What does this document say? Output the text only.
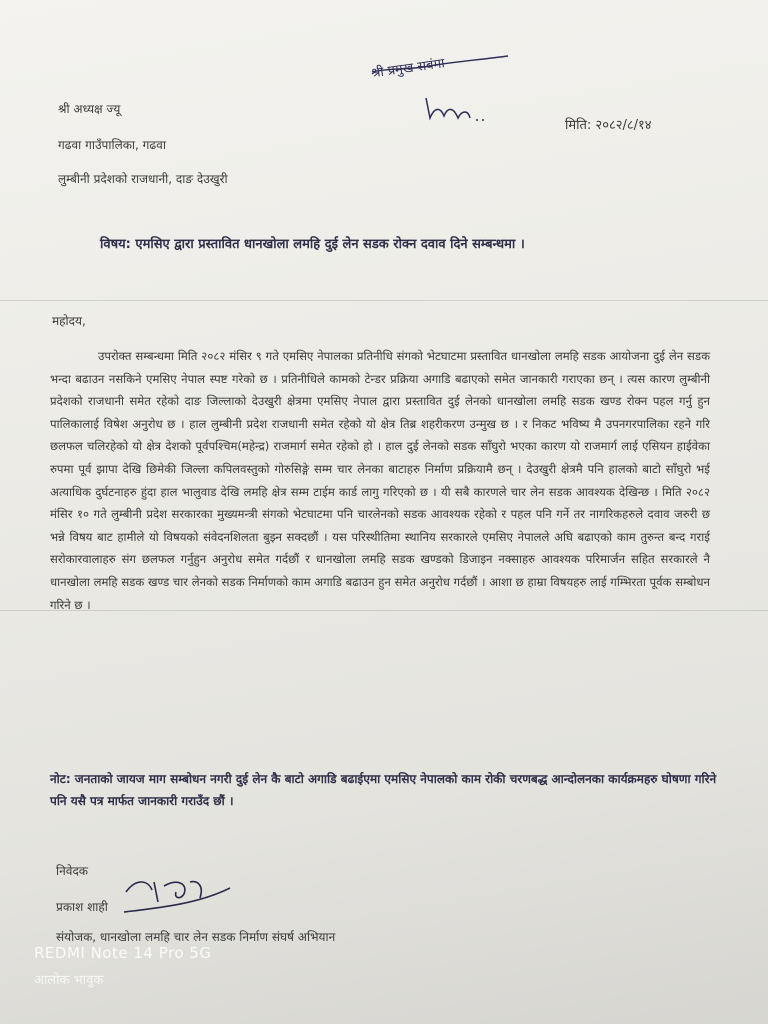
श्री प्रमुख सबंमा
श्री अध्यक्ष ज्यू
गढवा गाउँपालिका, गढवा
लुम्बीनी प्रदेशको राजधानी, दाङ देउखुरी
मिति: २०८२/८/१४
विषय: एमसिए द्वारा प्रस्तावित धानखोला लमहि दुई लेन सडक रोक्न दवाव दिने सम्बन्धमा ।
महोदय,
उपरोक्त सम्बन्धमा मिति २०८२ मंसिर ९ गते एमसिए नेपालका प्रतिनीधि संगको भेटघाटमा प्रस्तावित धानखोला लमहि सडक आयोजना दुई लेन सडक भन्दा बढाउन नसकिने एमसिए नेपाल स्पष्ट गरेको छ । प्रतिनीधिले कामको टेन्डर प्रक्रिया अगाडि बढाएको समेत जानकारी गराएका छन् । त्यस कारण लुम्बीनी प्रदेशको राजधानी समेत रहेको दाङ जिल्लाको देउखुरी क्षेत्रमा एमसिए नेपाल द्वारा प्रस्तावित दुई लेनको धानखोला लमहि सडक खण्ड रोक्न पहल गर्नु हुन पालिकालाई विषेश अनुरोध छ । हाल लुम्बीनी प्रदेश राजधानी समेत रहेको यो क्षेत्र तिब्र शहरीकरण उन्मुख छ । र निकट भविष्य मै उपनगरपालिका रहने गरि छलफल चलिरहेको यो क्षेत्र देशको पूर्वपश्चिम(महेन्द्र) राजमार्ग समेत रहेको हो । हाल दुई लेनको सडक साँघुरो भएका कारण यो राजमार्ग लाई एसियन हाईवेका रुपमा पूर्व झापा देखि छिमेकी जिल्ला कपिलवस्तुको गोरुसिङ्गे सम्म चार लेनका बाटाहरु निर्माण प्रक्रियामै छन् । देउखुरी क्षेत्रमै पनि हालको बाटो साँघुरो भई अत्याधिक दुर्घटनाहरु हुंदा हाल भालुवाड देखि लमहि क्षेत्र सम्म टाईम कार्ड लागु गरिएको छ । यी सबै कारणले चार लेन सडक आवश्यक देखिन्छ । मिति २०८२ मंसिर १० गते लुम्बीनी प्रदेश सरकारका मुख्यमन्त्री संगको भेटघाटमा पनि चारलेनको सडक आवश्यक रहेको र पहल पनि गर्ने तर नागरिकहरुले दवाव जरुरी छ भन्ने विषय बाट हामीले यो विषयको संवेदनशिलता बुझ्न सक्दछौं । यस परिस्थीतिमा स्थानिय सरकारले एमसिए नेपालले अघि बढाएको काम तुरुन्त बन्द गराई सरोकारवालाहरु संग छलफल गर्नुहुन अनुरोध समेत गर्दछौं र धानखोला लमहि सडक खण्डको डिजाइन नक्साहरु आवश्यक परिमार्जन सहित सरकारले नै धानखोला लमहि सडक खण्ड चार लेनको सडक निर्माणको काम अगाडि बढाउन हुन समेत अनुरोध गर्दछौं । आशा छ हाम्रा विषयहरु लाई गम्भिरता पूर्वक सम्बोधन गरिने छ ।
नोट: जनताको जायज माग सम्बोधन नगरी दुई लेन कै बाटो अगाडि बढाईएमा एमसिए नेपालको काम रोकी चरणबद्ध आन्दोलनका कार्यक्रमहरु घोषणा गरिने पनि यसै पत्र मार्फत जानकारी गराउँद छौं ।
निवेदक
प्रकाश शाही
संयोजक, धानखोला लमहि चार लेन सडक निर्माण संघर्ष अभियान
REDMI Note 14 Pro 5G
आलोक भावुक
